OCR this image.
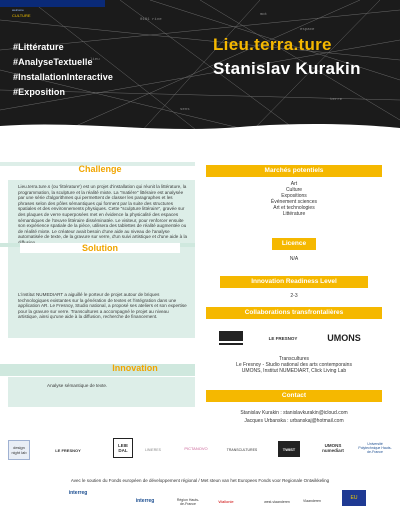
0101 rive
espace
lieu
terre
sens
mot
welcome
CULTURE
#Littérature
#AnalyseTextuelle
#InstallationInteractive
#Exposition
Lieu.terra.ture
Stanislav Kurakin
Challenge
Lieu.terra.ture.s (ou 'littérature') est un projet d'installation qui réunit la littérature, la programmation, la sculpture et la réalité mixte. La "matière" littéraire est analysée par une série d'algorithmes qui permettent de classer les paragraphes et les phrases selon des pôles sémantiques qui forment par la suite des structures spatiales et des environnements physiques. Cette "sculpture littéraire", gravée sur des plaques de verre superposées met en évidence la physicalité des espaces sémantiques de l'œuvre littéraire disséminatée. Le visiteur, pour renforcer ensuite son expérience spatiale de la pièce, utilisera des tablettes de réalité augmentée ou de réalité mixte. Le créateur avait besoin d'une aide au niveau de l'analyse automatisée de texte, de la gravure sur verre, d'un suivi artistique et d'une aide à la
Solution
L'institut NUMEDIART a aiguillé le porteur de projet autour de briques technologiques existantes sur la génération de textes et l'intégration dans une application AR. Le Fresnoy, Studio national, a proposé ses ateliers et son expertise pour la gravure sur verre. Transcultures a accompagné le projet au niveau artistique, ainsi qu'une aide à la diffusion, recherche de financement.
Innovation
Analyse sémantique de texte.
Marchés potentiels
Art
Culture
Expositions
Événement sciences
Art et technologies
Littérature
Licence
N/A
Innovation Readiness Level
2-3
Collaborations transfrontalières
LE FRESNOY	UMONS
Transcultures
Le Fresnoy - Studio national des arts contemporains
UMONS, Institut NUMEDIART, Click Living Lab
Contact
Stanislav Kurakin : stanislavkurakin@icloud.com
Jacques Urbanska : urbanskaj@hotmail.com
design night lab	LE FRESNOY
LEIE DAL	LINIERES	PICTANOVO	TRANSCULTURES	TWIST
UMONS numediart
Université Polytechnique Hauts-de-France
Avec le soutien du Fonds européen de développement régional / Met steun van het Europees Fonds voor Regionale Ontwikkeling
interreg
interreg	Région Hauts-de-France
Wallonie	west-vlaanderen	Vlaanderen	EU
